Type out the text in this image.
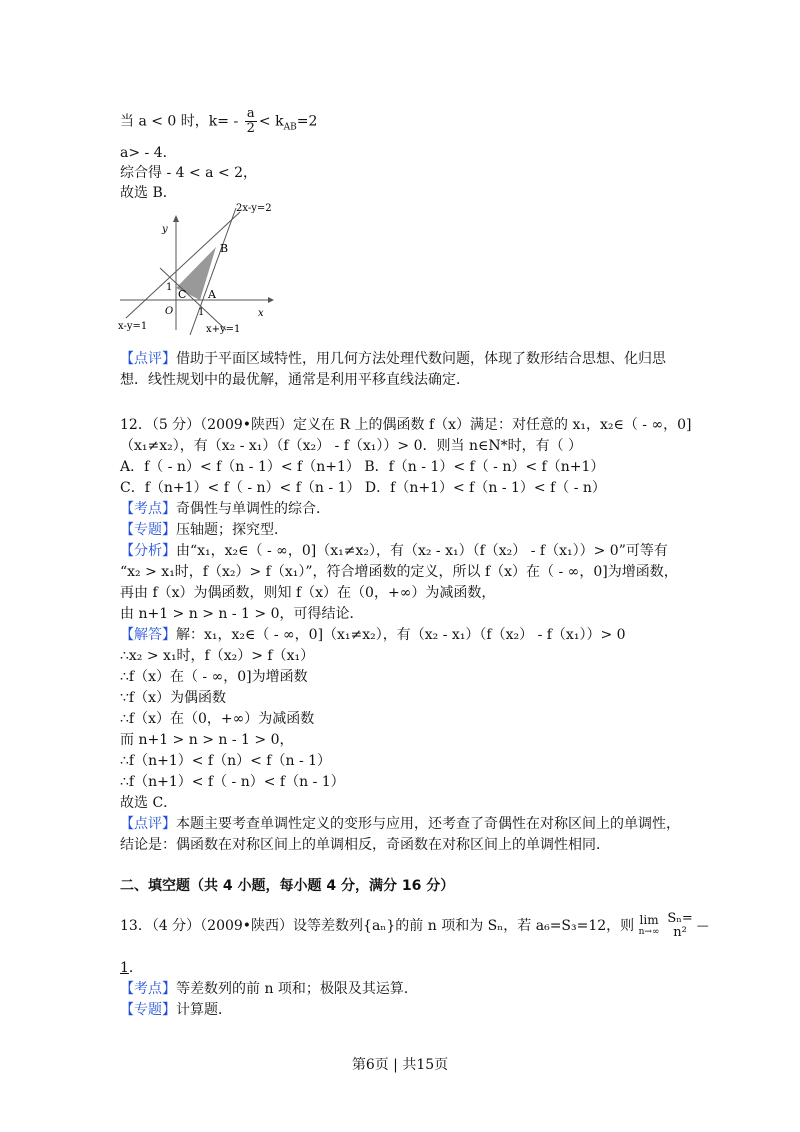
当 a < 0 时，$k= - \frac{a}{2} < k_{AB}=2$
a> - 4．
综合得 - 4 < a < 2，
故选 B．
2x-y=2
y
B
1
C A
O 1	x
x-y=1	x+y=1
【点评】借助于平面区域特性，用几何方法处理代数问题，体现了数形结合思想、化归思
想．线性规划中的最优解，通常是利用平移直线法确定．
12．（5 分）（2009•陕西）定义在 R 上的偶函数 f（x）满足：对任意的 x₁，x₂∈（ - ∞，0]
（x₁≠x₂），有（x₂ - x₁）（f（x₂） - f（x₁））> 0．则当 n∈N*时，有（ ）
A．f（ - n）< f（n - 1）< f（n+1） B．f（n - 1）< f（ - n）< f（n+1）
C．f（n+1）< f（ - n）< f（n - 1） D．f（n+1）< f（n - 1）< f（ - n）
【考点】奇偶性与单调性的综合．
【专题】压轴题；探究型．
【分析】由“x₁，x₂∈（ - ∞，0]（x₁≠x₂），有（x₂ - x₁）（f（x₂） - f（x₁））> 0”可等有
“x₂ > x₁时，f（x₂）> f（x₁）”，符合增函数的定义，所以 f（x）在（ - ∞，0]为增函数，
再由 f（x）为偶函数，则知 f（x）在（0，+∞）为减函数，
由 n+1 > n > n - 1 > 0，可得结论．
【解答】解：x₁，x₂∈（ - ∞，0]（x₁≠x₂），有（x₂ - x₁）（f（x₂） - f（x₁））> 0
∴x₂ > x₁时，f（x₂）> f（x₁）
∴f（x）在（ - ∞，0]为增函数
∵f（x）为偶函数
∴f（x）在（0，+∞）为减函数
而 n+1 > n > n - 1 > 0，
∴f（n+1）< f（n）< f（n - 1）
∴f（n+1）< f（ - n）< f（n - 1）
故选 C．
【点评】本题主要考查单调性定义的变形与应用，还考查了奇偶性在对称区间上的单调性，
结论是：偶函数在对称区间上的单调相反，奇函数在对称区间上的单调性相同．
二、填空题（共 4 小题，每小题 4 分，满分 16 分）
13．（4 分）（2009•陕西）设等差数列{aₙ}的前 n 项和为 Sₙ，若 a₆=S₃=12，则 lim
n→∞

Sₙ=
n² —
1．
【考点】等差数列的前 n 项和；极限及其运算．
【专题】计算题．
第6页 | 共15页
